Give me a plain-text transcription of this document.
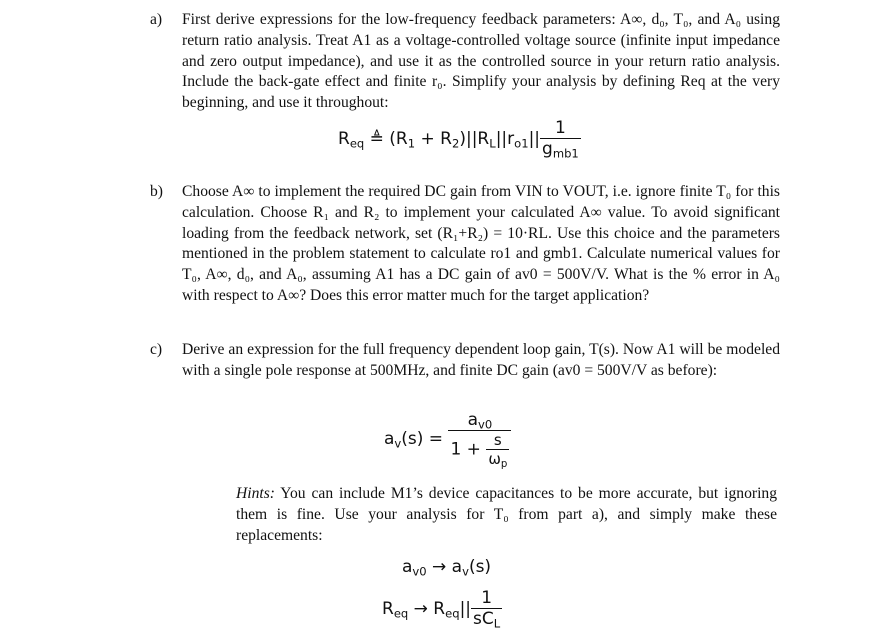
a) First derive expressions for the low-frequency feedback parameters: A∞, d₀, T₀, and A₀ using return ratio analysis. Treat A1 as a voltage-controlled voltage source (infinite input impedance and zero output impedance), and use it as the controlled source in your return ratio analysis. Include the back-gate effect and finite r₀. Simplify your analysis by defining Req at the very beginning, and use it throughout:
$R_{eq}$ ≜ $(R_1 + R_2)||R_L||r_{o1}|| \frac{1}{g_{mb1}}$
b) Choose A∞ to implement the required DC gain from VIN to VOUT, i.e. ignore finite T₀ for this calculation. Choose R₁ and R₂ to implement your calculated A∞ value. To avoid significant loading from the feedback network, set (R₁+R₂) = 10·RL. Use this choice and the parameters mentioned in the problem statement to calculate ro1 and gmb1. Calculate numerical values for T₀, A∞, d₀, and A₀, assuming A1 has a DC gain of av0 = 500V/V. What is the % error in A₀ with respect to A∞? Does this error matter much for the target application?
c) Derive an expression for the full frequency dependent loop gain, T(s). Now A1 will be modeled with a single pole response at 500MHz, and finite DC gain (av0 = 500V/V as before):
$a_v(s) = \frac{a_{v0}}{1 + \frac{s}{\omega_p}}$
Hints: You can include M1’s device capacitances to be more accurate, but ignoring them is fine. Use your analysis for T₀ from part a), and simply make these replacements:
$a_{v0} \to a_v(s)$
$R_{eq} \to R_{eq}|| \frac{1}{sC_L}$
